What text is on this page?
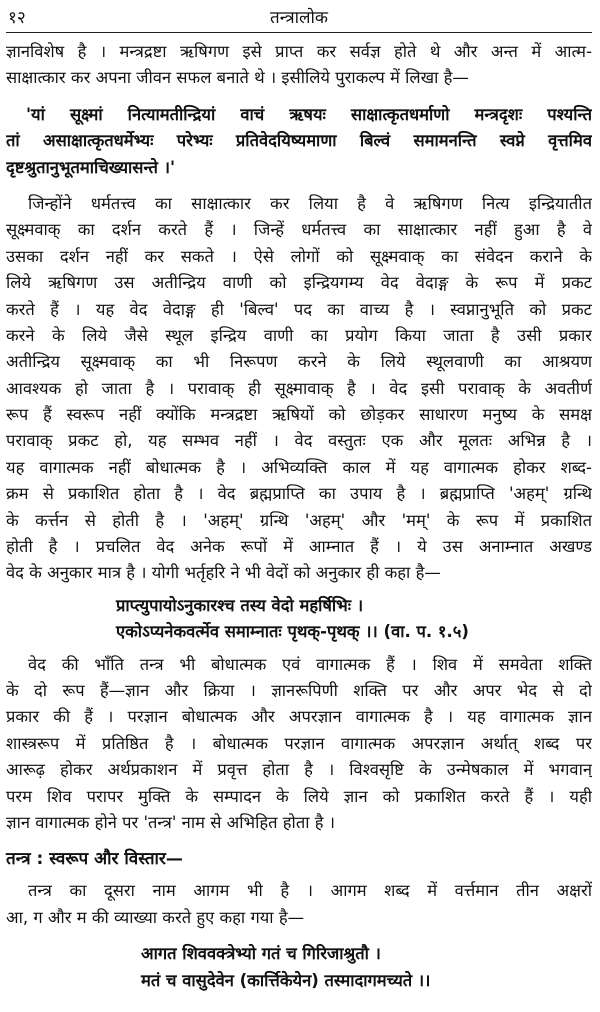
१२	तन्त्रालोक
ज्ञानविशेष है । मन्त्रद्रष्टा ऋषिगण इसे प्राप्त कर सर्वज्ञ होते थे और अन्त में आत्म-
साक्षात्कार कर अपना जीवन सफल बनाते थे । इसीलिये पुराकल्प में लिखा है—
'यां सूक्ष्मां नित्यामतीन्द्रियां वाचं ऋषयः साक्षात्कृतधर्माणो मन्त्रदृशः पश्यन्ति
तां असाक्षात्कृतधर्मेभ्यः परेभ्यः प्रतिवेदयिष्यमाणा बिल्वं समामनन्ति स्वप्ने वृत्तमिव
दृष्टश्रुतानुभूतमाचिख्यासन्ते ।'
जिन्होंने धर्मतत्त्व का साक्षात्कार कर लिया है वे ऋषिगण नित्य इन्द्रियातीत
सूक्ष्मवाक् का दर्शन करते हैं । जिन्हें धर्मतत्त्व का साक्षात्कार नहीं हुआ है वे
उसका दर्शन नहीं कर सकते । ऐसे लोगों को सूक्ष्मवाक् का संवेदन कराने के
लिये ऋषिगण उस अतीन्द्रिय वाणी को इन्द्रियगम्य वेद वेदाङ्ग के रूप में प्रकट
करते हैं । यह वेद वेदाङ्ग ही 'बिल्व' पद का वाच्य है । स्वप्नानुभूति को प्रकट
करने के लिये जैसे स्थूल इन्द्रिय वाणी का प्रयोग किया जाता है उसी प्रकार
अतीन्द्रिय सूक्ष्मवाक् का भी निरूपण करने के लिये स्थूलवाणी का आश्रयण
आवश्यक हो जाता है । परावाक् ही सूक्ष्मावाक् है । वेद इसी परावाक् के अवतीर्ण
रूप हैं स्वरूप नहीं क्योंकि मन्त्रद्रष्टा ऋषियों को छोड़कर साधारण मनुष्य के समक्ष
परावाक् प्रकट हो, यह सम्भव नहीं । वेद वस्तुतः एक और मूलतः अभिन्न है ।
यह वागात्मक नहीं बोधात्मक है । अभिव्यक्ति काल में यह वागात्मक होकर शब्द-
क्रम से प्रकाशित होता है । वेद ब्रह्मप्राप्ति का उपाय है । ब्रह्मप्राप्ति 'अहम्' ग्रन्थि
के कर्त्तन से होती है । 'अहम्' ग्रन्थि 'अहम्' और 'मम्' के रूप में प्रकाशित
होती है । प्रचलित वेद अनेक रूपों में आम्नात हैं । ये उस अनाम्नात अखण्ड
वेद के अनुकार मात्र है । योगी भर्तृहरि ने भी वेदों को अनुकार ही कहा है—
प्राप्त्युपायोऽनुकारश्च तस्य वेदो महर्षिभिः ।
एकोऽप्यनेकवर्त्मेव समाम्नातः पृथक्-पृथक् ।। (वा. प. १.५)
वेद की भाँति तन्त्र भी बोधात्मक एवं वागात्मक हैं । शिव में समवेता शक्ति
के दो रूप हैं—ज्ञान और क्रिया । ज्ञानरूपिणी शक्ति पर और अपर भेद से दो
प्रकार की हैं । परज्ञान बोधात्मक और अपरज्ञान वागात्मक है । यह वागात्मक ज्ञान
शास्त्ररूप में प्रतिष्ठित है । बोधात्मक परज्ञान वागात्मक अपरज्ञान अर्थात् शब्द पर
आरूढ़ होकर अर्थप्रकाशन में प्रवृत्त होता है । विश्वसृष्टि के उन्मेषकाल में भगवान्
परम शिव परापर मुक्ति के सम्पादन के लिये ज्ञान को प्रकाशित करते हैं । यही
ज्ञान वागात्मक होने पर 'तन्त्र' नाम से अभिहित होता है ।
तन्त्र : स्वरूप और विस्तार—
तन्त्र का दूसरा नाम आगम भी है । आगम शब्द में वर्त्तमान तीन अक्षरों
आ, ग और म की व्याख्या करते हुए कहा गया है—
आगत शिववक्त्रेभ्यो गतं च गिरिजाश्रुतौ ।
मतं च वासुदेवेन (कार्त्तिकेयेन) तस्मादागमच्यते ।।
